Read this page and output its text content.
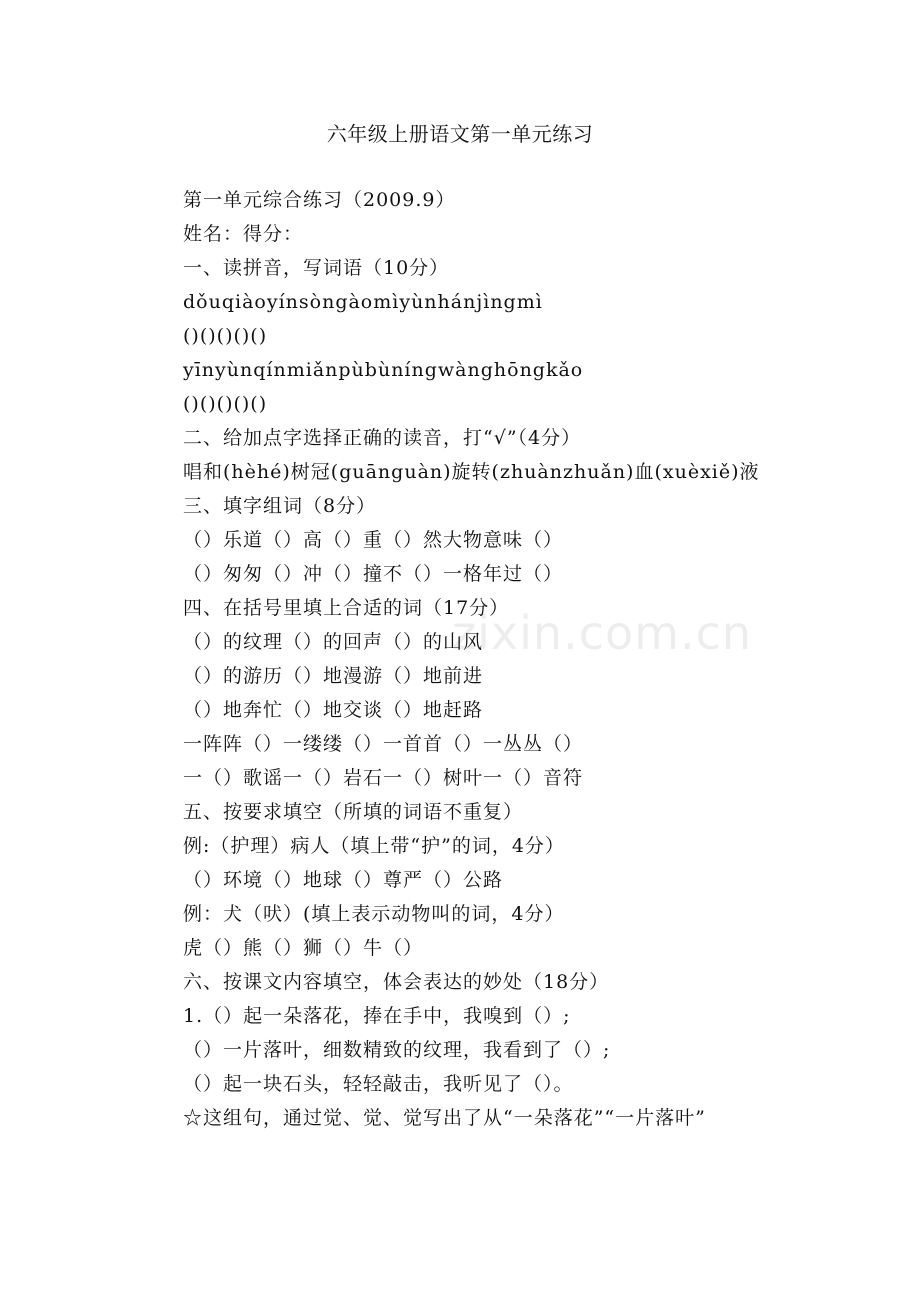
六年级上册语文第一单元练习
zixin.com.cn
第一单元综合练习（2009.9）
姓名：得分：
一、读拼音，写词语（10分）
dǒuqiàoyínsòngàomìyùnhánjìngmì
()()()()()
yīnyùnqínmiǎnpùbùníngwànghōngkǎo
()()()()()
二、给加点字选择正确的读音，打“√”（4分）
唱和(hèhé)树冠(guānguàn)旋转(zhuànzhuǎn)血(xuèxiě)液
三、填字组词（8分）
（）乐道（）高（）重（）然大物意味（）
（）匆匆（）冲（）撞不（）一格年过（）
四、在括号里填上合适的词（17分）
（）的纹理（）的回声（）的山风
（）的游历（）地漫游（）地前进
（）地奔忙（）地交谈（）地赶路
一阵阵（）一缕缕（）一首首（）一丛丛（）
一（）歌谣一（）岩石一（）树叶一（）音符
五、按要求填空（所填的词语不重复）
例:（护理）病人（填上带“护”的词，4分）
（）环境（）地球（）尊严（）公路
例：犬（吠）(填上表示动物叫的词，4分）
虎（）熊（）狮（）牛（）
六、按课文内容填空，体会表达的妙处（18分）
1.（）起一朵落花，捧在手中，我嗅到（）;
（）一片落叶，细数精致的纹理，我看到了（）;
（）起一块石头，轻轻敲击，我听见了（）。
☆这组句，通过觉、觉、觉写出了从“一朵落花”“一片落叶”
